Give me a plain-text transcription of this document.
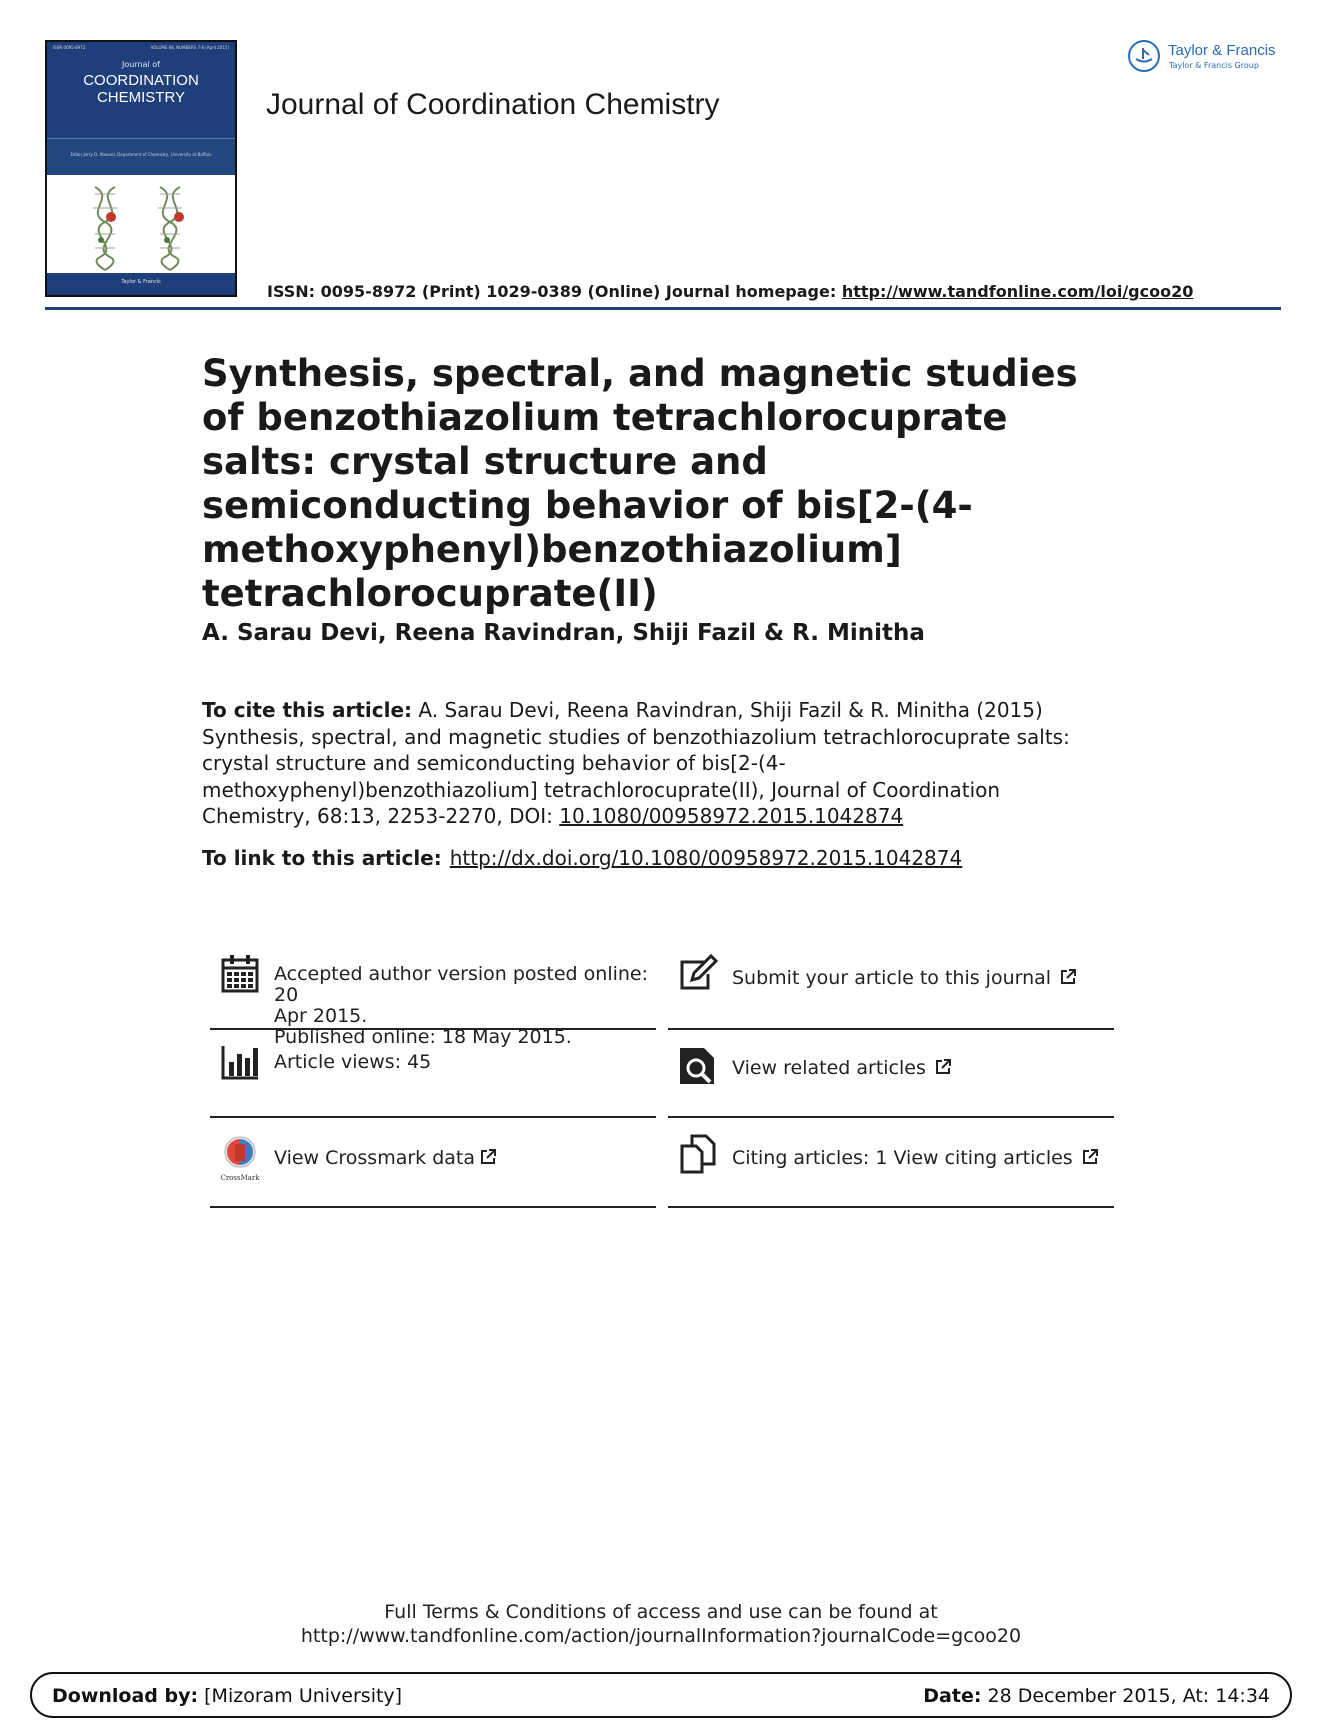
ISSN 0095-8972	VOLUME 68, NUMBERS 7-8 (April 2015)
Journal of
COORDINATION
CHEMISTRY
Editor Jerry D. Atwood, Department of Chemistry, University at Buffalo
Taylor & Francis
Journal of Coordination Chemistry
Taylor & Francis
Taylor & Francis Group
ISSN: 0095-8972 (Print) 1029-0389 (Online) Journal homepage: http://www.tandfonline.com/loi/gcoo20
Synthesis, spectral, and magnetic studies of benzothiazolium tetrachlorocuprate salts: crystal structure and semiconducting behavior of bis[2-(4-methoxyphenyl)benzothiazolium] tetrachlorocuprate(II)
A. Sarau Devi, Reena Ravindran, Shiji Fazil & R. Minitha
To cite this article: A. Sarau Devi, Reena Ravindran, Shiji Fazil & R. Minitha (2015) Synthesis, spectral, and magnetic studies of benzothiazolium tetrachlorocuprate salts: crystal structure and semiconducting behavior of bis[2-(4-methoxyphenyl)benzothiazolium] tetrachlorocuprate(II), Journal of Coordination Chemistry, 68:13, 2253-2270, DOI: 10.1080/00958972.2015.1042874
To link to this article: http://dx.doi.org/10.1080/00958972.2015.1042874
Accepted author version posted online: 20
Apr 2015.
Published online: 18 May 2015.
Submit your article to this journal
Article views: 45	View related articles
CrossMark
View Crossmark data	Citing articles: 1 View citing articles
Full Terms & Conditions of access and use can be found at
http://www.tandfonline.com/action/journalInformation?journalCode=gcoo20
Download by: [Mizoram University]	Date: 28 December 2015, At: 14:34
